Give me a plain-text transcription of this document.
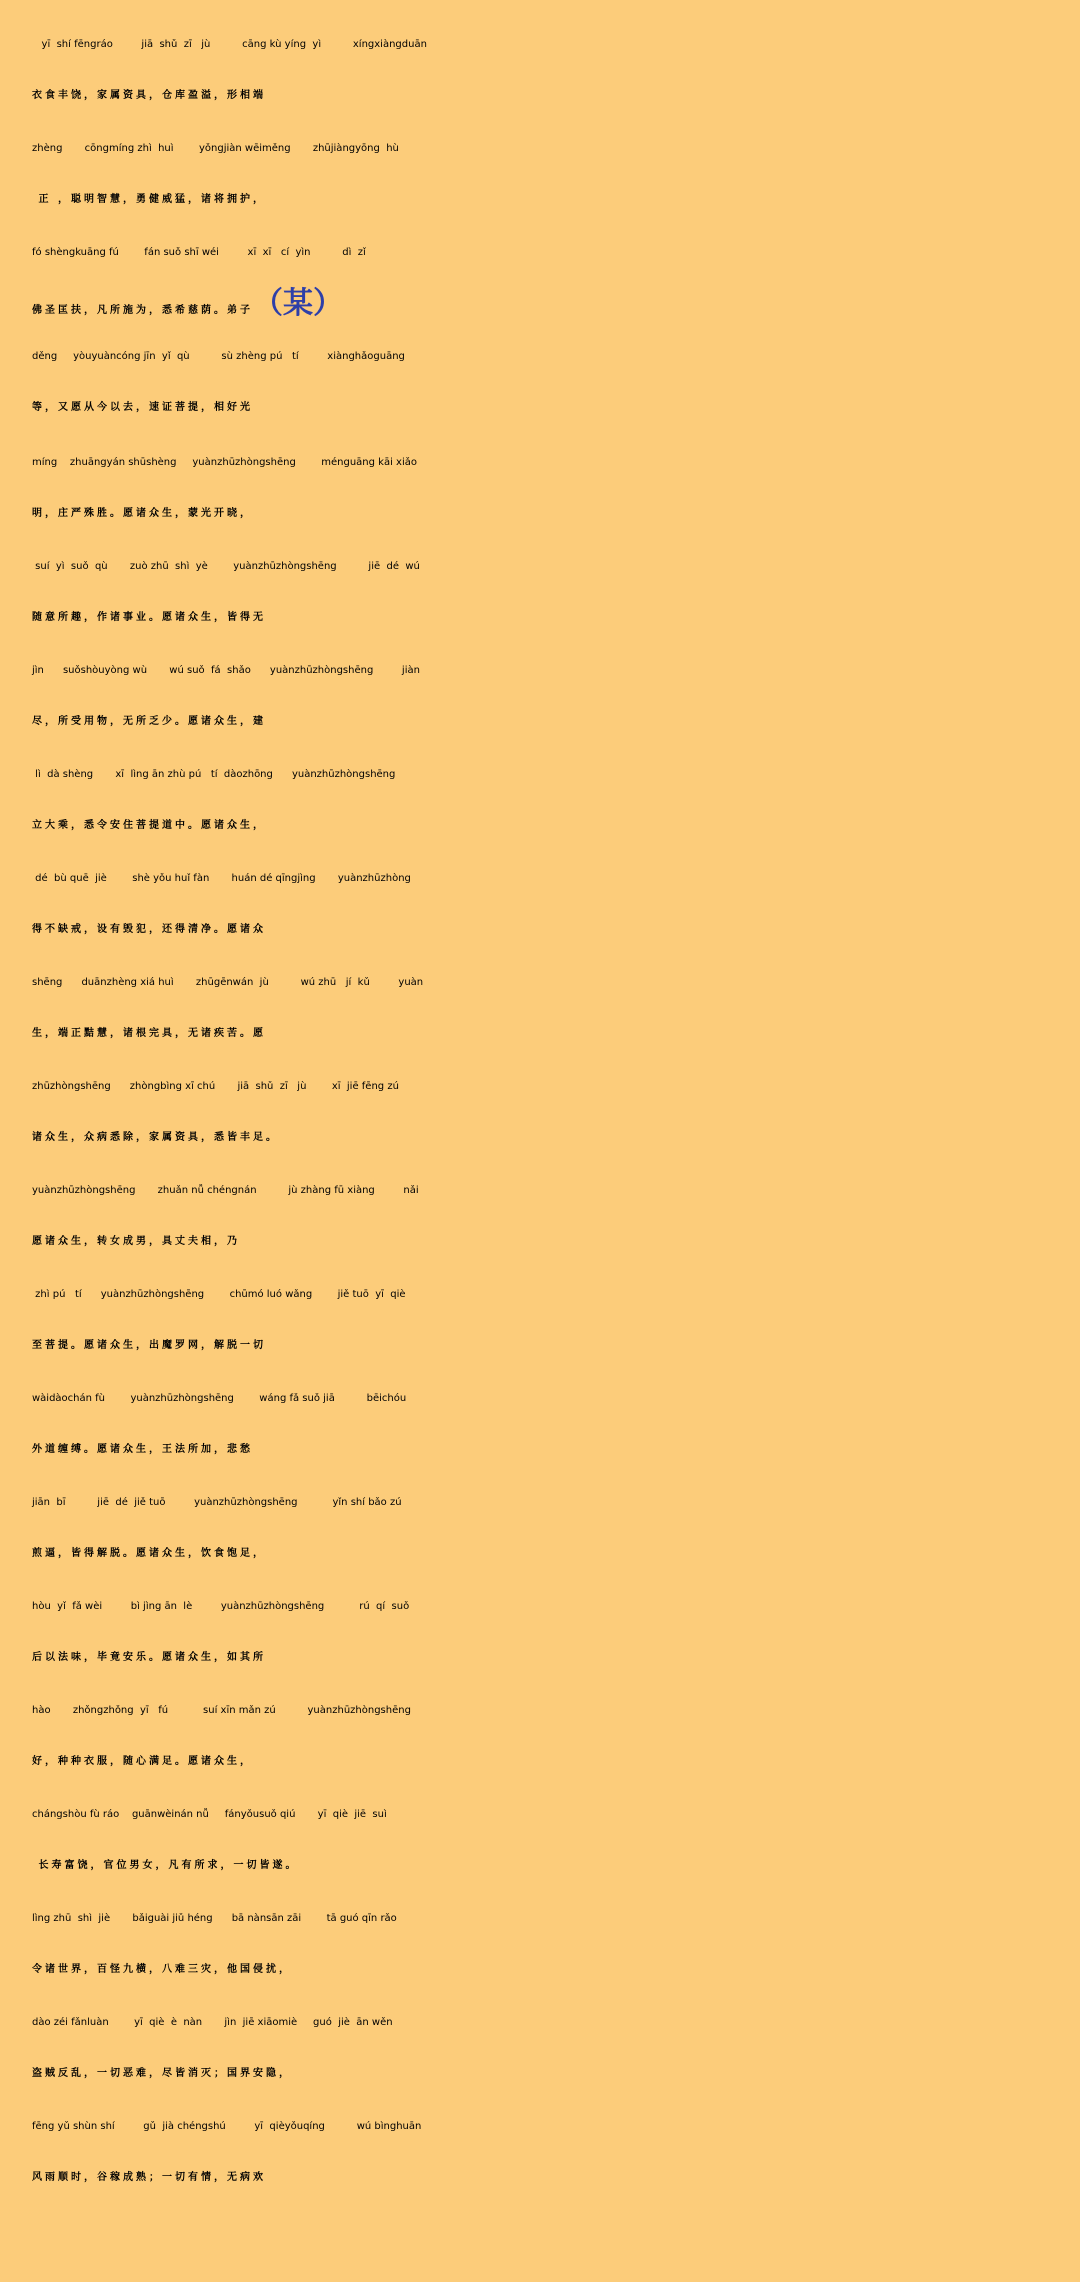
yī  shí fēngráo         jiā  shǔ  zī   jù          cāng kù yíng  yì          xíngxiàngduān
衣食丰饶，家属资具，仓库盈溢，形相端
zhèng       cōngmíng zhì  huì        yǒngjiàn wēiměng       zhūjiàngyōng  hù
正 ，聪明智慧，勇健威猛，诸将拥护，
fó shèngkuāng fú        fán suǒ shī wéi         xī  xī   cí  yìn          dì  zǐ
佛圣匡扶，凡所施为，悉希慈荫。弟子（某）
děng     yòuyuàncóng jīn  yǐ  qù          sù zhèng pú   tí         xiànghǎoguāng
等，又愿从今以去，速证菩提，相好光
míng    zhuāngyán shūshèng     yuànzhūzhòngshēng        ménguāng kāi xiǎo
明，庄严殊胜。愿诸众生，蒙光开晓，
suí  yì  suǒ  qù       zuò zhū  shì  yè        yuànzhūzhòngshēng          jiē  dé  wú
随意所趣，作诸事业。愿诸众生，皆得无
jìn      suǒshòuyòng wù       wú suǒ  fá  shǎo      yuànzhūzhòngshēng         jiàn
尽，所受用物，无所乏少。愿诸众生，建
lì  dà shèng       xī  lìng ān zhù pú   tí  dàozhōng      yuànzhūzhòngshēng
立大乘，悉令安住菩提道中。愿诸众生，
dé  bù quē  jiè        shè yǒu huǐ fàn       huán dé qīngjìng       yuànzhūzhòng
得不缺戒，设有毁犯，还得清净。愿诸众
shēng      duānzhèng xiá huì       zhūgēnwán  jù          wú zhū   jí  kǔ         yuàn
生，端正黠慧，诸根完具，无诸疾苦。愿
zhūzhòngshēng      zhòngbìng xī chú       jiā  shǔ  zī   jù        xī  jiē fēng zú
诸众生，众病悉除，家属资具，悉皆丰足。
yuànzhūzhòngshēng       zhuǎn nǚ chéngnán          jù zhàng fū xiàng         nǎi
愿诸众生，转女成男，具丈夫相，乃
zhì pú   tí      yuànzhūzhòngshēng        chūmó luó wǎng        jiě tuō  yī  qiè
至菩提。愿诸众生，出魔罗网，解脱一切
wàidàochán fù        yuànzhūzhòngshēng        wáng fǎ suǒ jiā          bēichóu
外道缠缚。愿诸众生，王法所加，悲愁
jiān  bī          jiē  dé  jiě tuō         yuànzhūzhòngshēng           yǐn shí bǎo zú
煎逼，皆得解脱。愿诸众生，饮食饱足，
hòu  yǐ  fǎ wèi         bì jìng ān  lè         yuànzhūzhòngshēng           rú  qí  suǒ
后以法味，毕竟安乐。愿诸众生，如其所
hào       zhǒngzhǒng  yī   fú           suí xīn mǎn zú          yuànzhūzhòngshēng
好，种种衣服，随心满足。愿诸众生，
chángshòu fù ráo    guānwèinán nǚ     fányǒusuǒ qiú       yī  qiè  jiē  suì
长寿富饶，官位男女，凡有所求，一切皆遂。
lìng zhū  shì  jiè       bǎiguài jiǔ héng      bā nànsān zāi        tā guó qīn rǎo
令诸世界，百怪九横，八难三灾，他国侵扰，
dào zéi fǎnluàn        yī  qiè  è  nàn       jìn  jiē xiāomiè     guó  jiè  ān wěn
盗贼反乱，一切恶难，尽皆消灭；国界安隐，
fēng yǔ shùn shí         gǔ  jià chéngshú         yī  qièyǒuqíng          wú bìnghuān
风雨顺时，谷稼成熟；一切有情，无病欢
